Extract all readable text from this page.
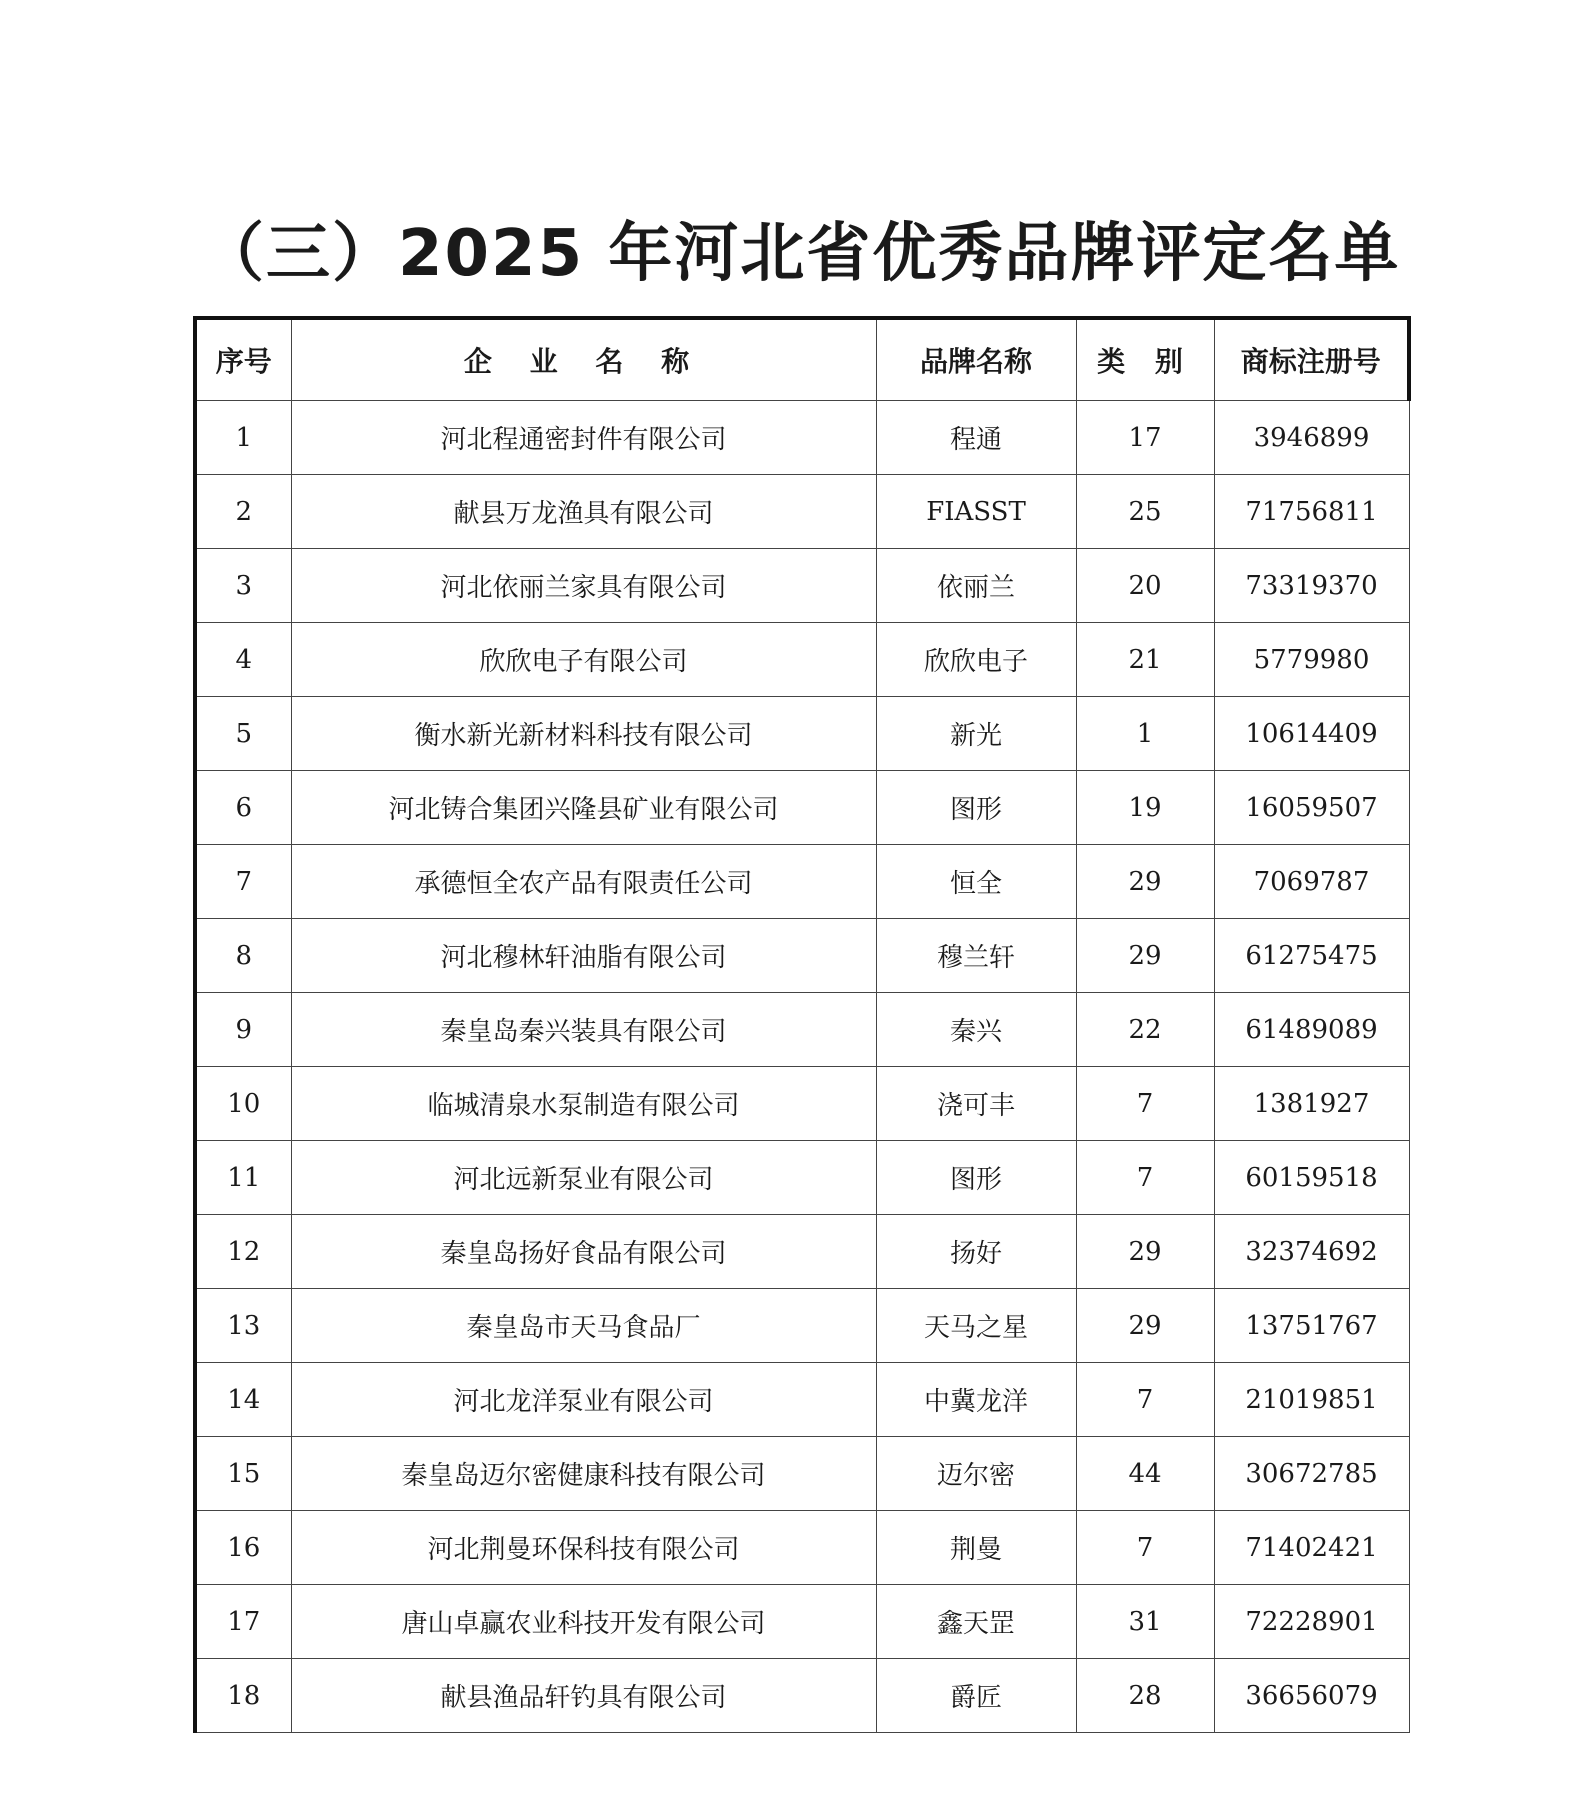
（三）2025 年河北省优秀品牌评定名单
序号	企 业 名 称	品牌名称	类 别	商标注册号
1	河北程通密封件有限公司	程通	17	3946899
2	献县万龙渔具有限公司	FIASST	25	71756811
3	河北依丽兰家具有限公司	依丽兰	20	73319370
4	欣欣电子有限公司	欣欣电子	21	5779980
5	衡水新光新材料科技有限公司	新光	1	10614409
6	河北铸合集团兴隆县矿业有限公司	图形	19	16059507
7	承德恒全农产品有限责任公司	恒全	29	7069787
8	河北穆林轩油脂有限公司	穆兰轩	29	61275475
9	秦皇岛秦兴装具有限公司	秦兴	22	61489089
10	临城清泉水泵制造有限公司	浇可丰	7	1381927
11	河北远新泵业有限公司	图形	7	60159518
12	秦皇岛扬好食品有限公司	扬好	29	32374692
13	秦皇岛市天马食品厂	天马之星	29	13751767
14	河北龙洋泵业有限公司	中冀龙洋	7	21019851
15	秦皇岛迈尔密健康科技有限公司	迈尔密	44	30672785
16	河北荆曼环保科技有限公司	荆曼	7	71402421
17	唐山卓赢农业科技开发有限公司	鑫天罡	31	72228901
18	献县渔品轩钓具有限公司	爵匠	28	36656079
